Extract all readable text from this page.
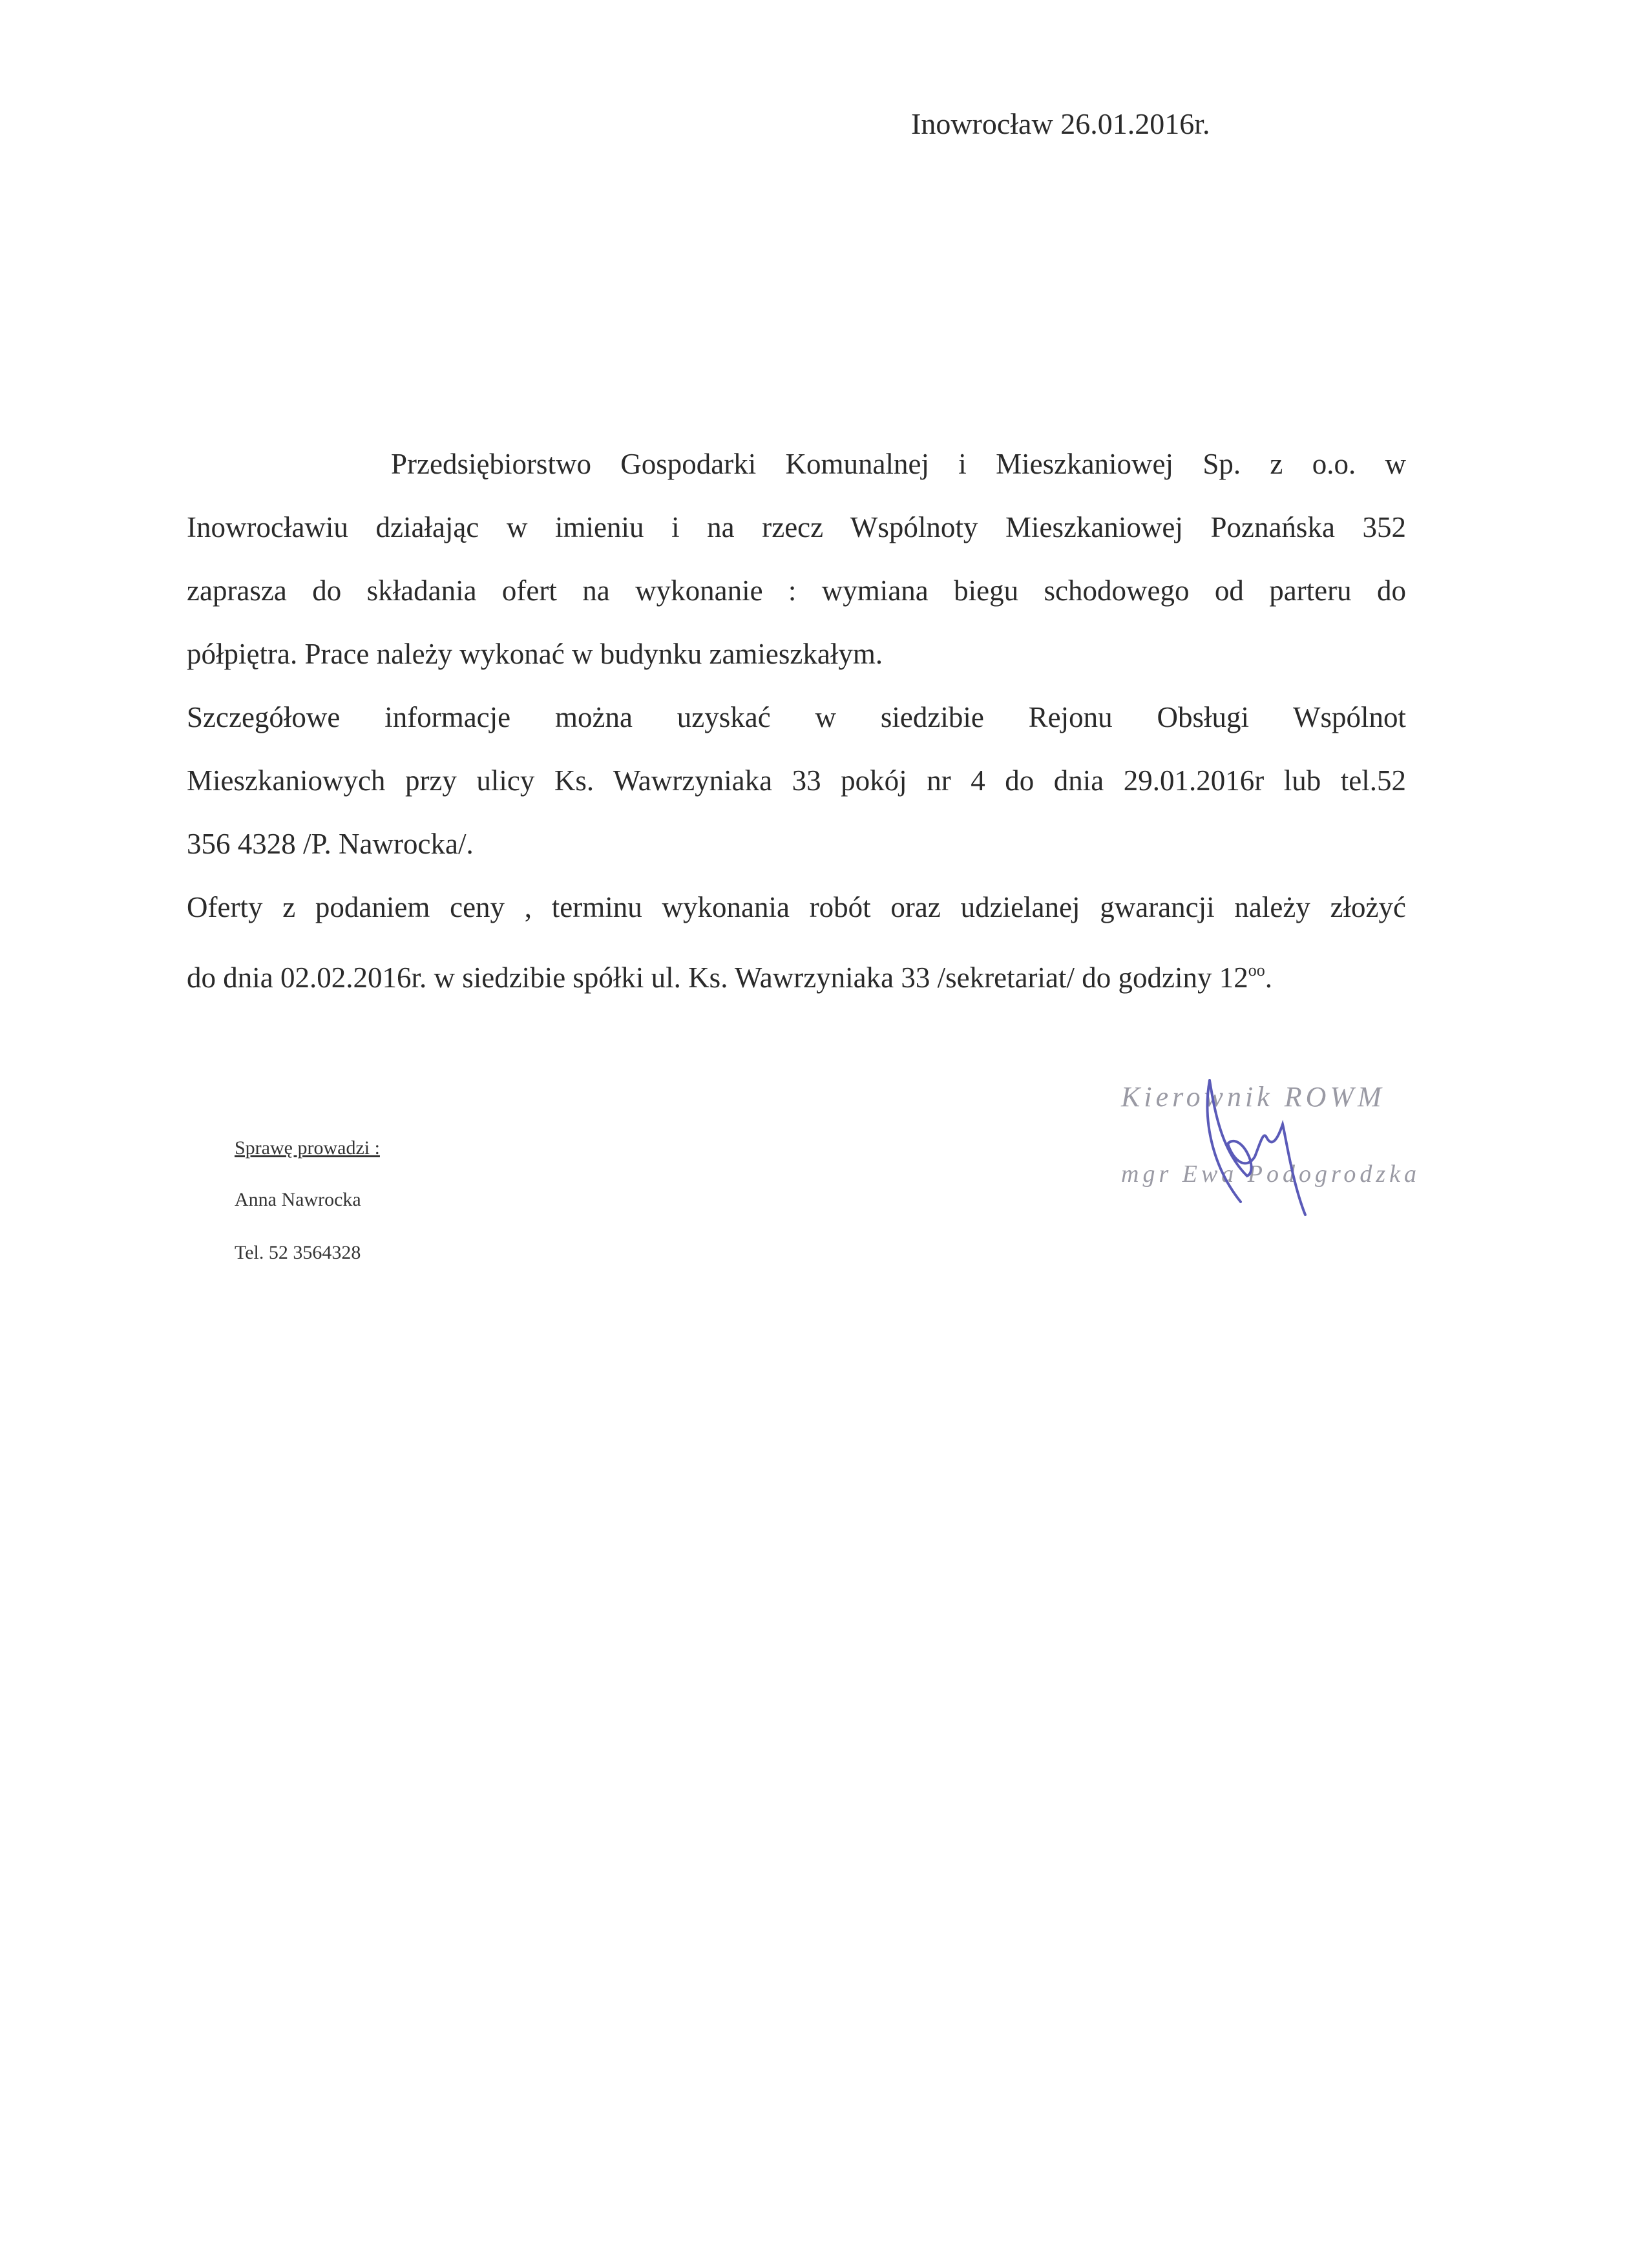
Inowrocław 26.01.2016r.
Przedsiębiorstwo Gospodarki Komunalnej i Mieszkaniowej Sp. z o.o. w
Inowrocławiu działając w imieniu i na rzecz Wspólnoty Mieszkaniowej Poznańska 352
zaprasza do składania ofert na wykonanie : wymiana biegu schodowego od parteru do
półpiętra. Prace należy wykonać w budynku zamieszkałym.
Szczegółowe informacje można uzyskać w siedzibie Rejonu Obsługi Wspólnot
Mieszkaniowych przy ulicy Ks. Wawrzyniaka 33 pokój nr 4 do dnia 29.01.2016r lub tel.52
356 4328 /P. Nawrocka/.
Oferty z podaniem ceny , terminu wykonania robót oraz udzielanej gwarancji należy złożyć
do dnia 02.02.2016r. w siedzibie spółki ul. Ks. Wawrzyniaka 33 /sekretariat/ do godziny $12^{oo}$.
Sprawę prowadzi :
Anna Nawrocka
Tel. 52 3564328
Kierownik ROWM
mgr Ewa Podogrodzka
